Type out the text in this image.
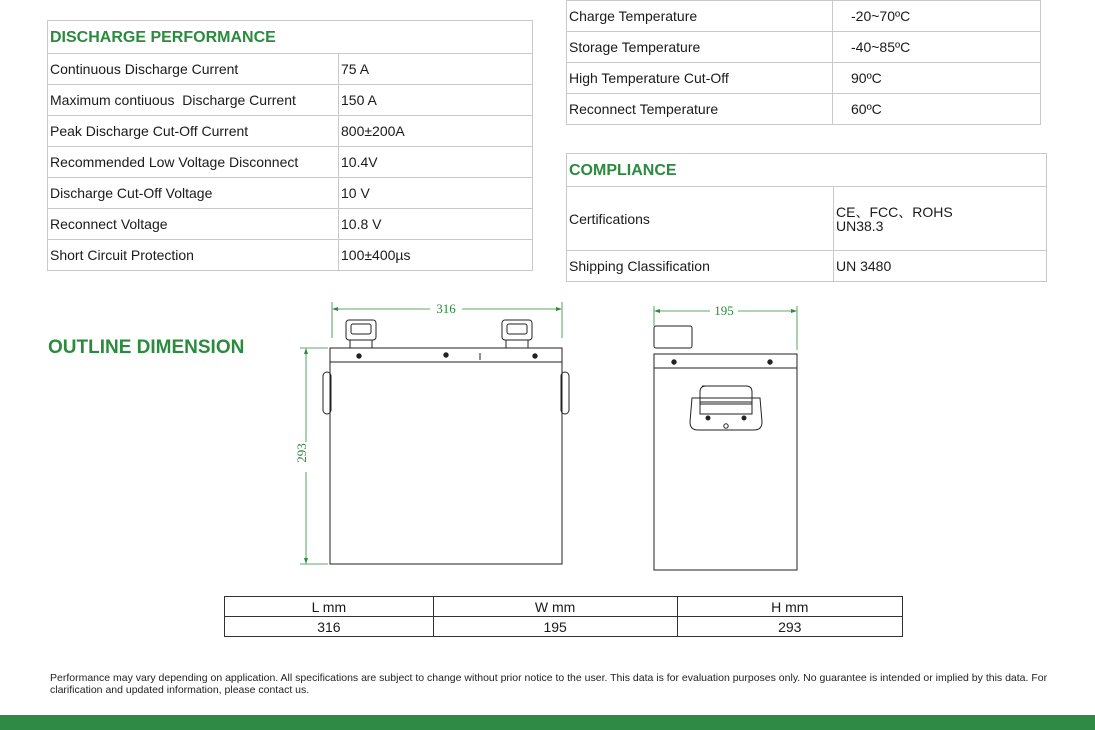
DISCHARGE PERFORMANCE	
Continuous Discharge Current	75 A
Maximum contiuous  Discharge Current	150 A
Peak Discharge Cut-Off Current	800±200A
Recommended Low Voltage Disconnect	10.4V
Discharge Cut-Off Voltage	10 V
Reconnect Voltage	10.8 V
Short Circuit Protection	100±400µs
Charge Temperature	-20~70ºC
Storage Temperature	-40~85ºC
High Temperature Cut-Off	90ºC
Reconnect Temperature	60ºC
COMPLIANCE	
Certifications	CE、FCC、ROHS
UN38.3

Shipping Classification	UN 3480
OUTLINE DIMENSION
316	195
293
L mm	W mm	H mm
316	195	293
Performance may vary depending on application. All specifications are subject to change without prior notice to the user. This data is for evaluation purposes only. No guarantee is intended or implied by this data. For clarification and updated information, please contact us.
